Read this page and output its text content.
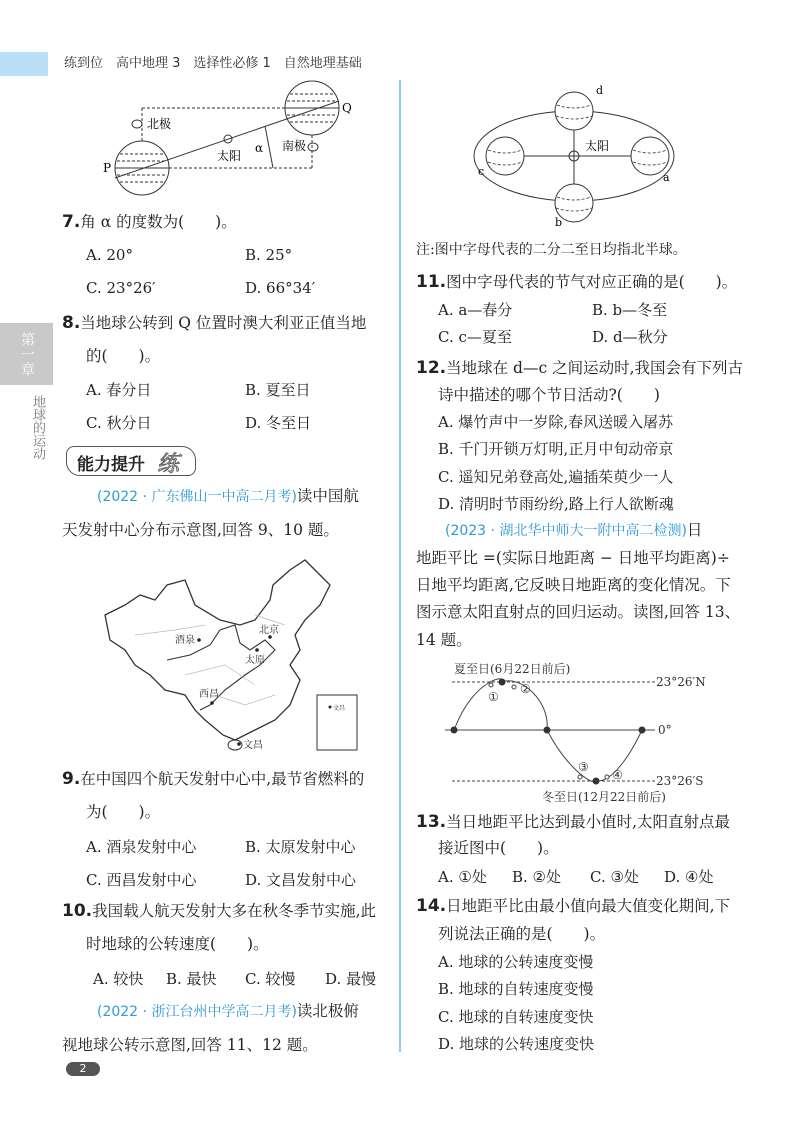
练到位　高中地理 3　选择性必修 1　自然地理基础
第一章
地球的运动
北极
南极
太阳
α
P
Q
7.角 α 的度数为(　　)。
A. 20°	B. 25°
C. 23°26′	D. 66°34′
8.当地球公转到 Q 位置时澳大利亚正值当地
的(　　)。
A. 春分日	B. 夏至日
C. 秋分日	D. 冬至日
能力提升 练
(2022 · 广东佛山一中高二月考)读中国航
天发射中心分布示意图,回答 9、10 题。
酒泉
北京
太原
西昌
文昌
文昌
9.在中国四个航天发射中心中,最节省燃料的
为(　　)。
A. 酒泉发射中心	B. 太原发射中心
C. 西昌发射中心	D. 文昌发射中心
10.我国载人航天发射大多在秋冬季节实施,此
时地球的公转速度(　　)。
A. 较快 B. 最快 C. 较慢 D. 最慢
(2022 · 浙江台州中学高二月考)读北极俯
视地球公转示意图,回答 11、12 题。
2
太阳
a
b
c
d
注:图中字母代表的二分二至日均指北半球。
11.图中字母代表的节气对应正确的是(　　)。
A. a—春分	B. b—冬至
C. c—夏至	D. d—秋分
12.当地球在 d—c 之间运动时,我国会有下列古
诗中描述的哪个节日活动?(　　)
A. 爆竹声中一岁除,春风送暖入屠苏
B. 千门开锁万灯明,正月中旬动帝京
C. 遥知兄弟登高处,遍插茱萸少一人
D. 清明时节雨纷纷,路上行人欲断魂
(2023 · 湖北华中师大一附中高二检测)日
地距平比 =(实际日地距离 − 日地平均距离)÷
日地平均距离,它反映日地距离的变化情况。下
图示意太阳直射点的回归运动。读图,回答 13、
14 题。
夏至日(6月22日前后)
冬至日(12月22日前后)
23°26′N
0°
23°26′S
①
②
③
④
13.当日地距平比达到最小值时,太阳直射点最
接近图中(　　)。
A. ①处 B. ②处 C. ③处 D. ④处
14.日地距平比由最小值向最大值变化期间,下
列说法正确的是(　　)。
A. 地球的公转速度变慢
B. 地球的自转速度变慢
C. 地球的自转速度变快
D. 地球的公转速度变快
